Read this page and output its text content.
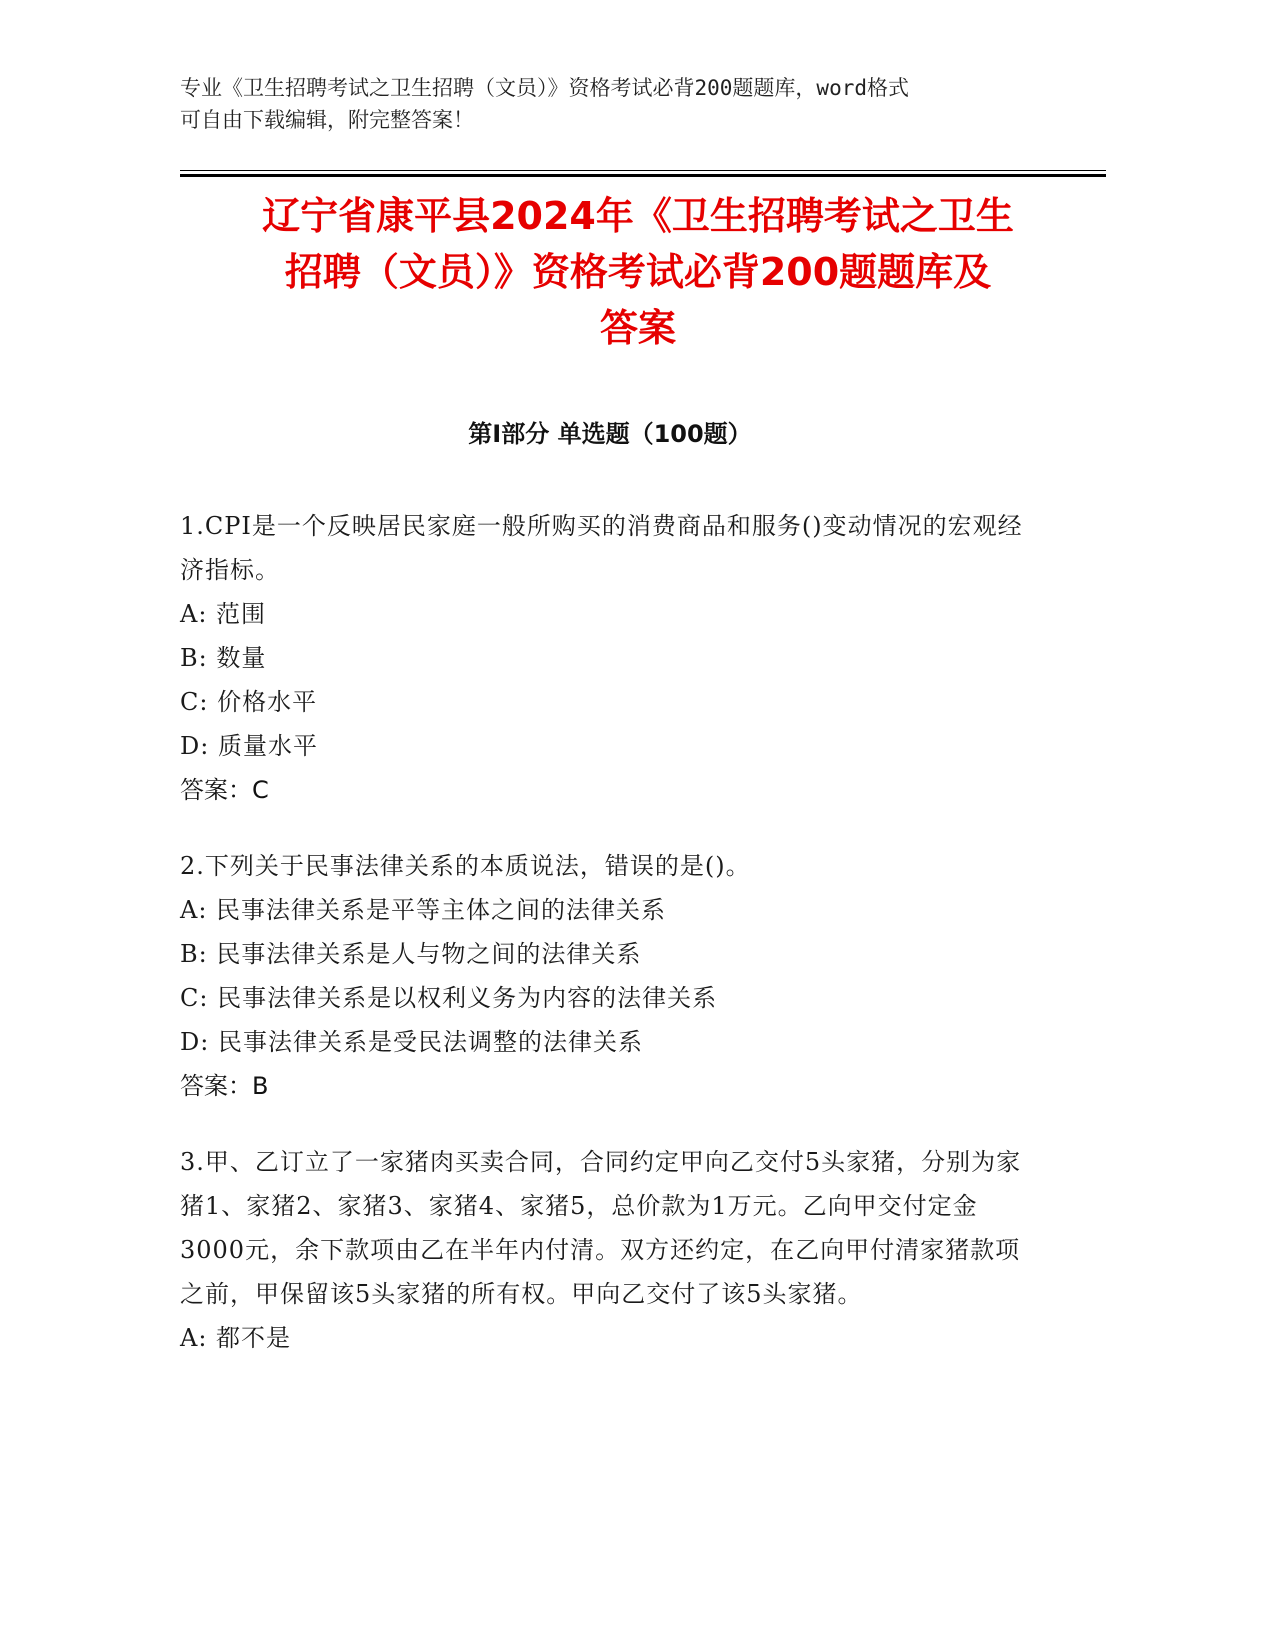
专业《卫生招聘考试之卫生招聘（文员）》资格考试必背200题题库，word格式
可自由下载编辑，附完整答案！
辽宁省康平县2024年《卫生招聘考试之卫生
招聘（文员）》资格考试必背200题题库及
答案
第Ⅰ部分 单选题（100题）
1.CPI是一个反映居民家庭一般所购买的消费商品和服务()变动情况的宏观经济指标。
A: 范围
B: 数量
C: 价格水平
D: 质量水平
答案：C
2.下列关于民事法律关系的本质说法，错误的是()。
A: 民事法律关系是平等主体之间的法律关系
B: 民事法律关系是人与物之间的法律关系
C: 民事法律关系是以权利义务为内容的法律关系
D: 民事法律关系是受民法调整的法律关系
答案：B
3.甲、乙订立了一家猪肉买卖合同，合同约定甲向乙交付5头家猪，分别为家猪1、家猪2、家猪3、家猪4、家猪5，总价款为1万元。乙向甲交付定金3000元，余下款项由乙在半年内付清。双方还约定，在乙向甲付清家猪款项之前，甲保留该5头家猪的所有权。甲向乙交付了该5头家猪。
A: 都不是
